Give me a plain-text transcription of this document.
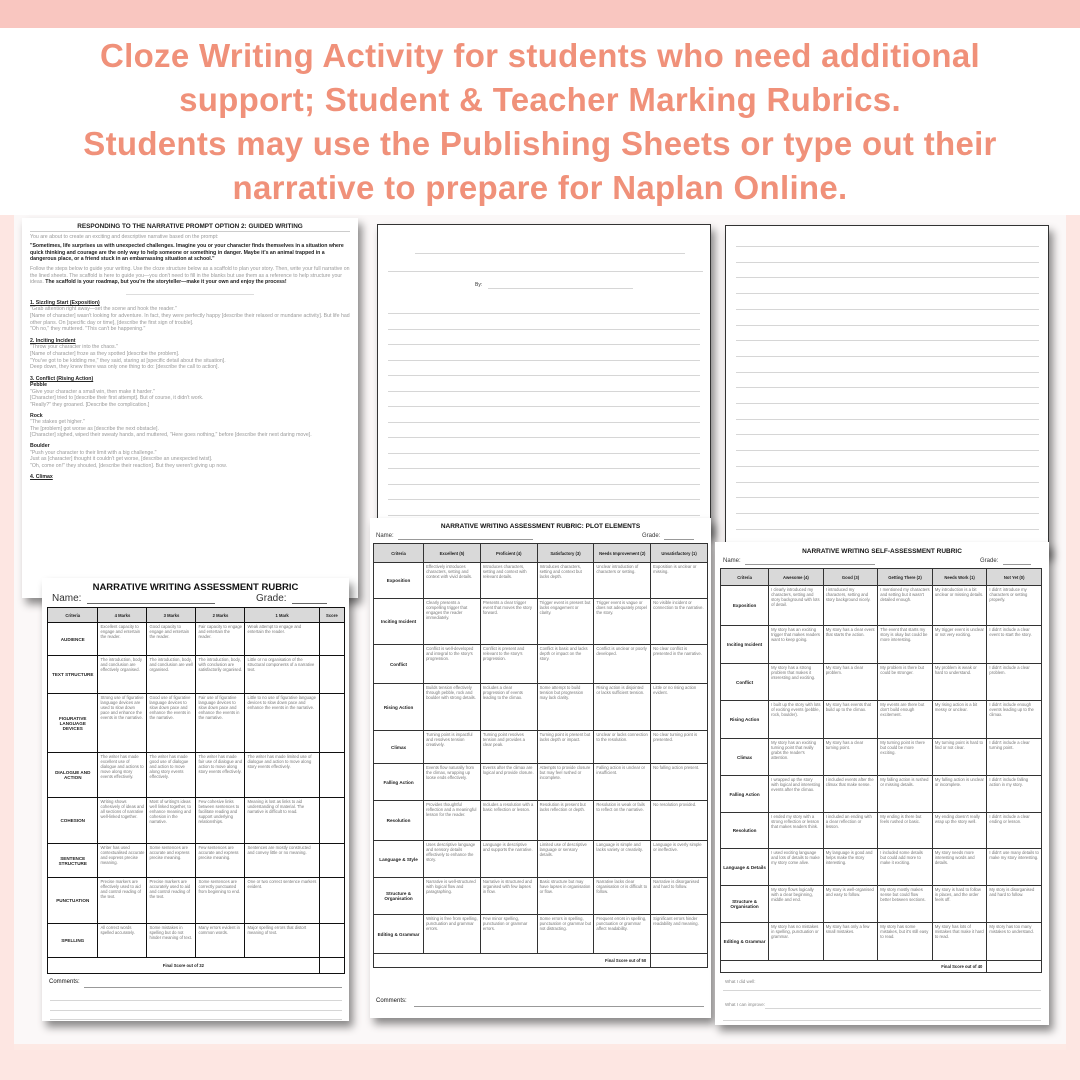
Cloze Writing Activity for students who need additional
support; Student & Teacher Marking Rubrics.
Students may use the Publishing Sheets or type out their
narrative to prepare for Naplan Online.
RESPONDING TO THE NARRATIVE PROMPT OPTION 2: GUIDED WRITING
You are about to create an exciting and descriptive narrative based on the prompt:

"Sometimes, life surprises us with unexpected challenges. Imagine you or your character finds themselves in a situation where quick thinking and courage are the only way to help someone or something in danger. Maybe it's an animal trapped in a dangerous place, or a friend stuck in an embarrassing situation at school."

Follow the steps below to guide your writing. Use the cloze structure below as a scaffold to plan your story. Then, write your full narrative on the lined sheets. The scaffold is here to guide you—you don't need to fill in the blanks but use them as a reference to help structure your ideas. The scaffold is your roadmap, but you're the storyteller—make it your own and enjoy the process!

1. Sizzling Start (Exposition)
"Grab attention right away—set the scene and hook the reader."
[Name of character] wasn't looking for adventure. In fact, they were perfectly happy [describe their relaxed or mundane activity]. But life had other plans. On [specific day or time], [describe the first sign of trouble].
"Oh no," they muttered. "This can't be happening."
2. Inciting Incident
"Throw your character into the chaos."
[Name of character] froze as they spotted [describe the problem].
"You've got to be kidding me," they said, staring at [specific detail about the situation].
Deep down, they knew there was only one thing to do: [describe the call to action].
3. Conflict (Rising Action)
Pebble
"Give your character a small win, then make it harder."
[Character] tried to [describe their first attempt]. But of course, it didn't work.
"Really?" they groaned. [Describe the complication.]
Rock
"The stakes get higher."
The [problem] got worse as [describe the next obstacle].
[Character] sighed, wiped their sweaty hands, and muttered, "Here goes nothing," before [describe their next daring move].
Boulder
"Push your character to their limit with a big challenge."
Just as [character] thought it couldn't get worse, [describe an unexpected twist].
"Oh, come on!" they shouted, [describe their reaction]. But they weren't giving up now.
4. Climax
By:
NARRATIVE WRITING ASSESSMENT RUBRIC
Name:	Grade:
Criteria	4 Marks	3 Marks	2 Marks	1 Mark	Score
AUDIENCE	Excellent capacity to engage and entertain the reader.	Good capacity to engage and entertain the reader.	Fair capacity to engage and entertain the reader.	Weak attempt to engage and entertain the reader.	
TEXT STRUCTURE	The introduction, body and conclusion are effectively organised.	The introduction, body, and conclusion are well organised.	The introduction, body, with conclusion are satisfactorily organised.	Little or no organisation of the structural components of a narrative text.	
FIGURATIVE LANGUAGE DEVICES	Strong use of figurative language devices are used to slow down pace and enhance the events in the narrative.	Good use of figurative language devices to slow down pace and enhance the events in the narrative.	Fair use of figurative language devices to slow down pace and enhance the events in the narrative.	Little to no use of figurative language devices to slow down pace and enhance the events in the narrative.	
DIALOGUE AND ACTION	The writer has made excellent use of dialogue and actions to move along story events effectively.	The writer has made good use of dialogue and action to move along story events effectively.	The writer has made fair use of dialogue and action to move along story events effectively.	The writer has made limited use of dialogue and action to move along story events effectively.	
COHESION	Writing shows cohesively of ideas and all sections of narrative well-linked together.	Most of writing's ideas well linked together, to enhance meaning and cohesion in the narrative.	Few cohesive links between sentences to facilitate reading and support underlying relationships.	Meaning is lost as links to aid understanding of material. The narrative is difficult to read.	
SENTENCE STRUCTURE	Writer has used contextualised accurate and express precise meaning.	Some sentences are accurate and express precise meaning.	Few sentences are accurate and express precise meaning.	Sentences are mostly constructed and convey little or no meaning.	
PUNCTUATION	Precise markers are effectively used to aid and control reading of the text.	Precise markers are accurately used to aid and control reading of the text.	Some sentences are correctly punctuated from beginning to end.	One or two correct sentence markers evident.	
SPELLING	All correct words spelled accurately.	Some mistakes in spelling but do not hinder meaning of text.	Many errors evident in common words.	Major spelling errors that distort meaning of text.	
Final Score out of 32					
Comments:
NARRATIVE WRITING ASSESSMENT RUBRIC: PLOT ELEMENTS
Name:	Grade:
Criteria	Excellent (5)	Proficient (4)	Satisfactory (3)	Needs Improvement (2)	Unsatisfactory (1)
Exposition	Effectively introduces characters, setting and context with vivid details.	Introduces characters, setting and context with relevant details.	Introduces characters, setting and context but lacks depth.	Unclear introduction of characters or setting.	Exposition is unclear or missing.
Inciting Incident	Clearly presents a compelling trigger that engages the reader immediately.	Presents a clear trigger event that moves the story forward.	Trigger event is present but lacks engagement or clarity.	Trigger event is vague or does not adequately propel the story.	No visible incident or connection to the narrative.
Conflict	Conflict is well-developed and integral to the story's progression.	Conflict is present and relevant to the story's progression.	Conflict is basic and lacks depth or impact on the story.	Conflict is unclear or poorly developed.	No clear conflict is presented in the narrative.
Rising Action	Builds tension effectively through pebble, rock and boulder with strong details.	Includes a clear progression of events leading to the climax.	Some attempt to build tension but progression may lack clarity.	Rising action is disjointed or lacks sufficient tension.	Little or no rising action evident.
Climax	Turning point is impactful and resolves tension creatively.	Turning point resolves tension and provides a clear peak.	Turning point is present but lacks depth or impact.	Unclear or lacks connection to the resolution.	No clear turning point is presented.
Falling Action	Events flow naturally from the climax, wrapping up loose ends effectively.	Events after the climax are logical and provide closure.	Attempts to provide closure but may feel rushed or incomplete.	Falling action is unclear or insufficient.	No falling action present.
Resolution	Provides thoughtful reflection and a meaningful lesson for the reader.	Includes a resolution with a basic reflection or lesson.	Resolution is present but lacks reflection or depth.	Resolution is weak or fails to reflect on the narrative.	No resolution provided.
Language & Style	Uses descriptive language and sensory details effectively to enhance the story.	Language is descriptive and supports the narrative.	Limited use of descriptive language or sensory details.	Language is simple and lacks variety or creativity.	Language is overly simple or ineffective.
Structure & Organisation	Narrative is well-structured with logical flow and paragraphing.	Narrative is structured and organised with few lapses in flow.	Basic structure but may have lapses in organisation or flow.	Narrative lacks clear organisation or is difficult to follow.	Narrative is disorganised and hard to follow.
Editing & Grammar	Writing is free from spelling, punctuation and grammar errors.	Few minor spelling, punctuation or grammar errors.	Some errors in spelling, punctuation or grammar but not distracting.	Frequent errors in spelling, punctuation or grammar affect readability.	Significant errors hinder readability and meaning.
Final Score out of 50					
Comments:
NARRATIVE WRITING SELF-ASSESSMENT RUBRIC
Name:	Grade:
Criteria	Awesome (4)	Good (3)	Getting There (2)	Needs Work (1)	Not Yet (0)
Exposition	I clearly introduced my characters, setting and story background with lots of detail.	I introduced my characters, setting and story background nicely.	I mentioned my characters and setting but it wasn't detailed enough.	My introduction is a bit unclear or missing details.	I didn't introduce my characters or setting properly.
Inciting Incident	My story has an exciting trigger that makes readers want to keep going.	My story has a clear event that starts the action.	The event that starts my story is okay but could be more interesting.	My trigger event is unclear or not very exciting.	I didn't include a clear event to start the story.
Conflict	My story has a strong problem that makes it interesting and exciting.	My story has a clear problem.	My problem is there but could be stronger.	My problem is weak or hard to understand.	I didn't include a clear problem.
Rising Action	I built up the story with lots of exciting events (pebble, rock, boulder).	My story has events that build up to the climax.	My events are there but don't build enough excitement.	My rising action is a bit messy or unclear.	I didn't include enough events leading up to the climax.
Climax	My story has an exciting turning point that really grabs the reader's attention.	My story has a clear turning point.	My turning point is there but could be more exciting.	My turning point is hard to find or not clear.	I didn't include a clear turning point.
Falling Action	I wrapped up the story with logical and interesting events after the climax.	I included events after the climax that make sense.	My falling action is rushed or missing details.	My falling action is unclear or incomplete.	I didn't include falling action in my story.
Resolution	I ended my story with a strong reflection or lesson that makes readers think.	I included an ending with a clear reflection or lesson.	My ending is there but feels rushed or basic.	My ending doesn't really wrap up the story well.	I didn't include a clear ending or lesson.
Language & Details	I used exciting language and lots of details to make my story come alive.	My language is good and helps make the story interesting.	I included some details but could add more to make it exciting.	My story needs more interesting words and details.	I didn't use many details to make my story interesting.
Structure & Organisation	My story flows logically with a clear beginning, middle and end.	My story is well-organised and easy to follow.	My story mostly makes sense but could flow better between sections.	My story is hard to follow in places, and the order feels off.	My story is disorganised and hard to follow.
Editing & Grammar	My story has no mistakes in spelling, punctuation or grammar.	My story has only a few small mistakes.	My story has some mistakes, but it's still easy to read.	My story has lots of mistakes that make it hard to read.	My story has too many mistakes to understand.
Final Score out of 40					
What I did well:
What I can improve:
